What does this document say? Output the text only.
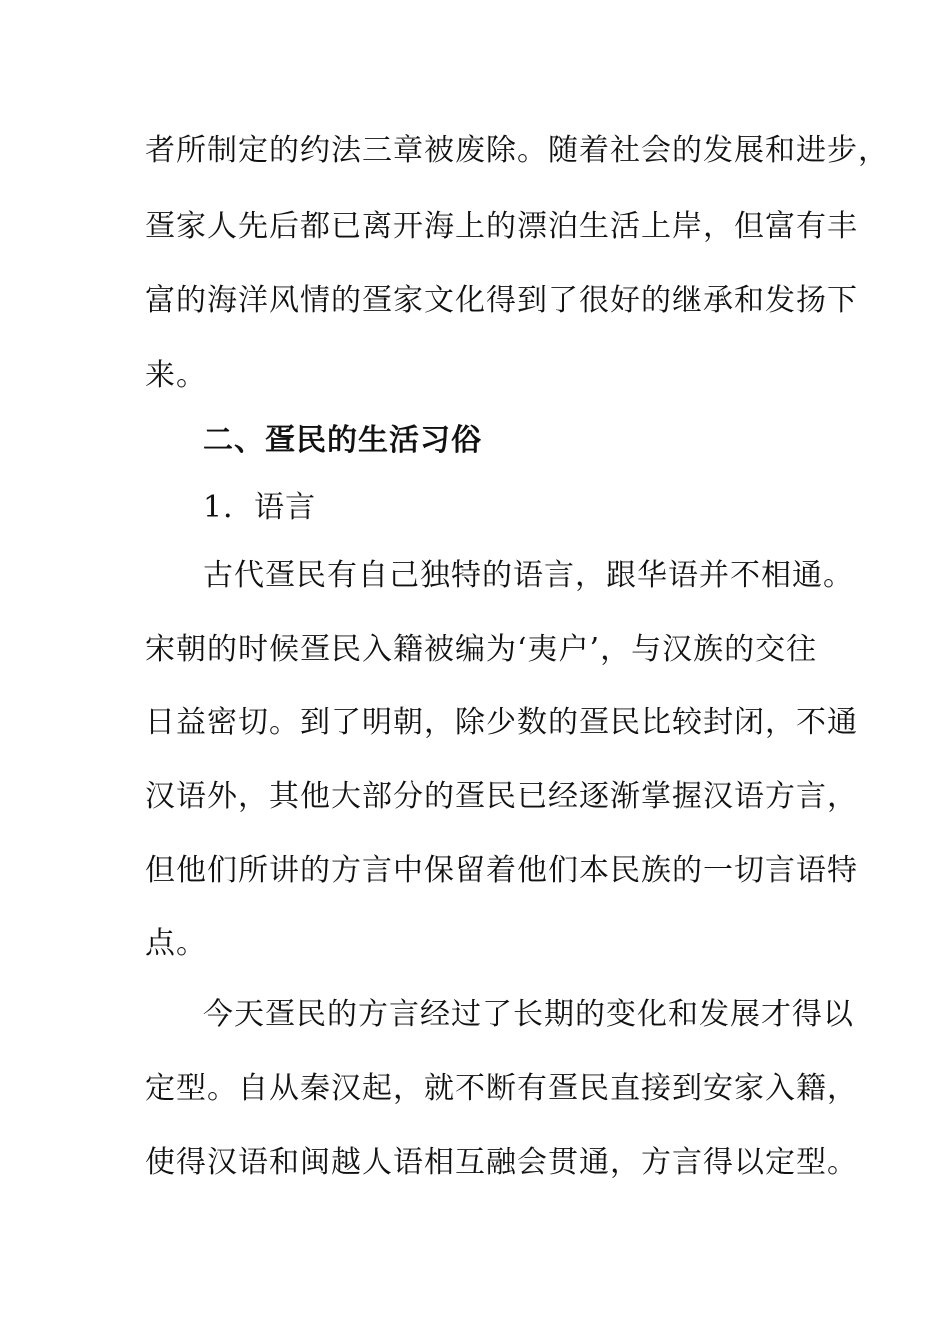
者所制定的约法三章被废除。随着社会的发展和进步，
疍家人先后都已离开海上的漂泊生活上岸，但富有丰
富的海洋风情的疍家文化得到了很好的继承和发扬下
来。
二、疍民的生活习俗
1．语言
古代疍民有自己独特的语言，跟华语并不相通。
宋朝的时候疍民入籍被编为‘夷户’，与汉族的交往
日益密切。到了明朝，除少数的疍民比较封闭，不通
汉语外，其他大部分的疍民已经逐渐掌握汉语方言，
但他们所讲的方言中保留着他们本民族的一切言语特
点。
今天疍民的方言经过了长期的变化和发展才得以
定型。自从秦汉起，就不断有疍民直接到安家入籍，
使得汉语和闽越人语相互融会贯通，方言得以定型。
